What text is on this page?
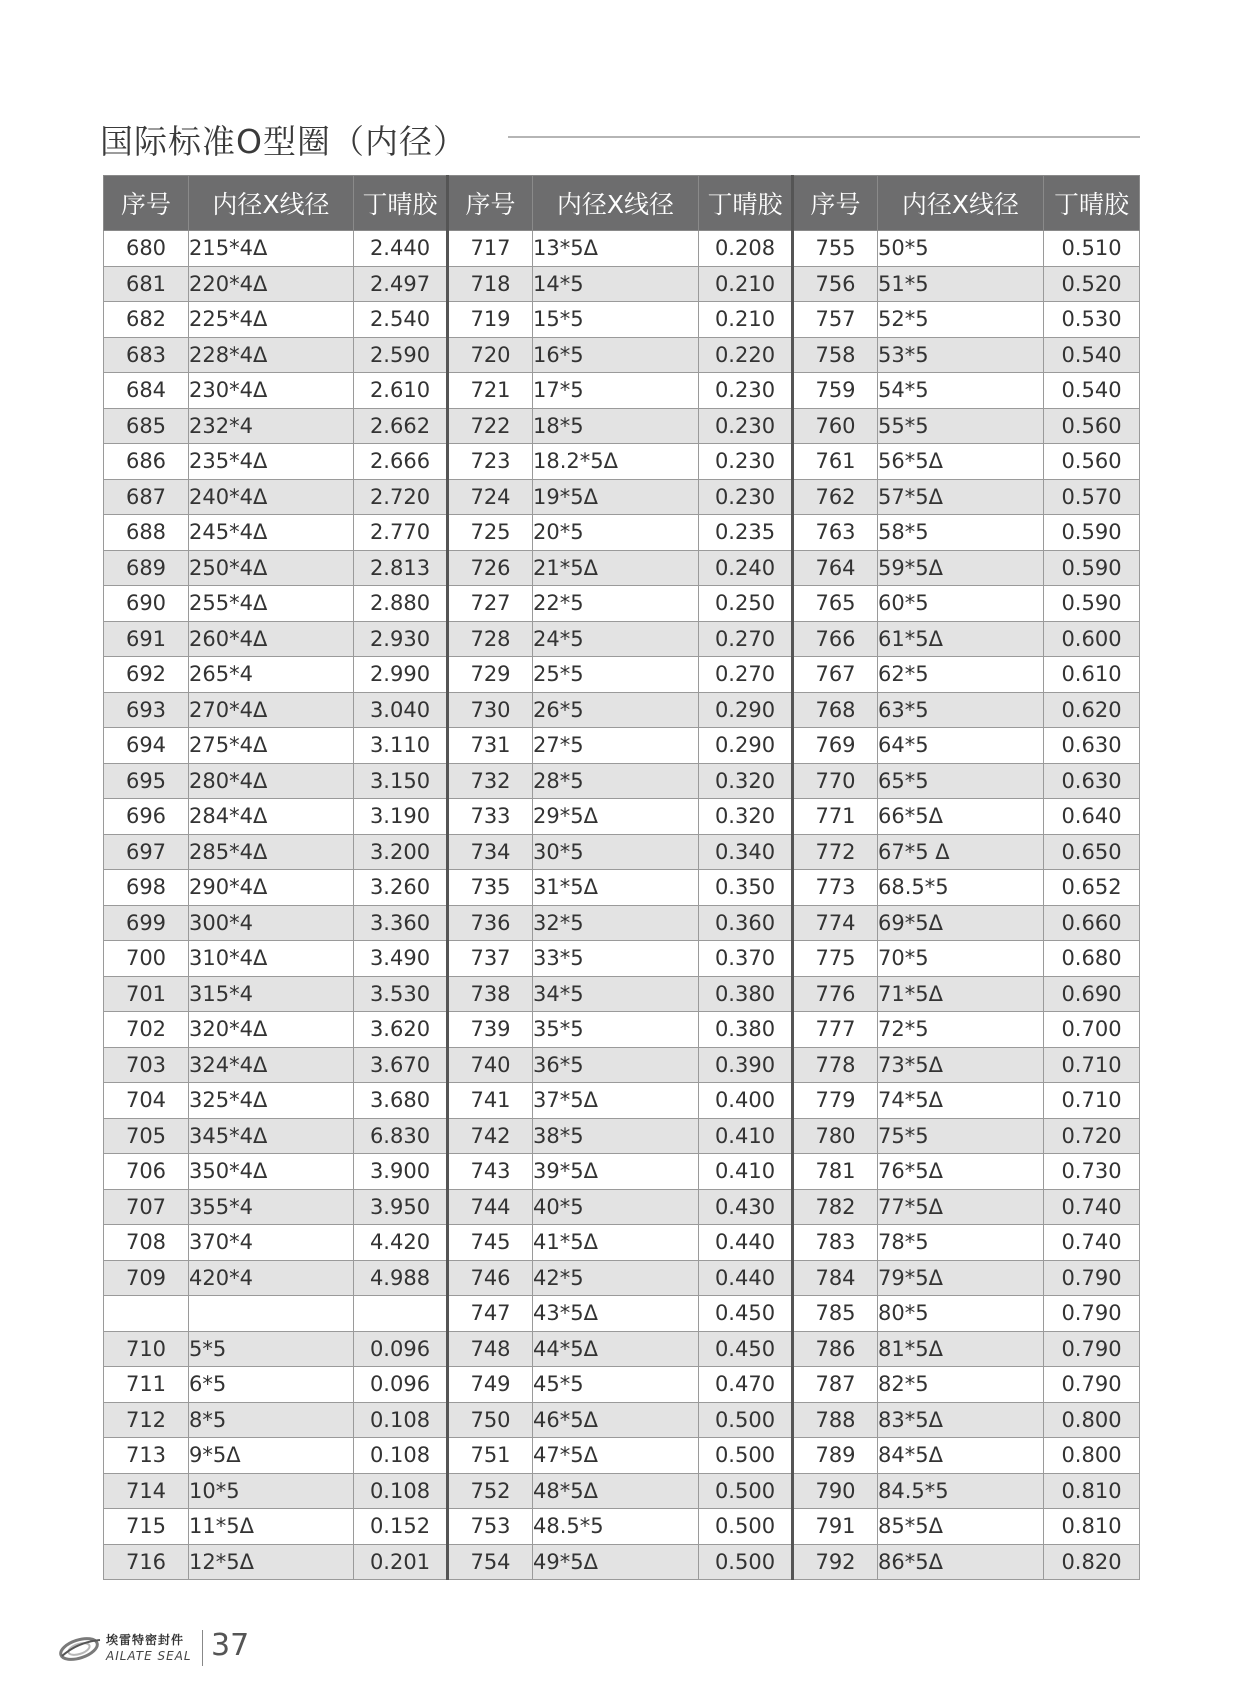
国际标准O型圈（内径）
序号	内径X线径	丁晴胶	序号	内径X线径	丁晴胶	序号	内径X线径	丁晴胶
680	215*4Δ	2.440	717	13*5Δ	0.208	755	50*5	0.510
681	220*4Δ	2.497	718	14*5	0.210	756	51*5	0.520
682	225*4Δ	2.540	719	15*5	0.210	757	52*5	0.530
683	228*4Δ	2.590	720	16*5	0.220	758	53*5	0.540
684	230*4Δ	2.610	721	17*5	0.230	759	54*5	0.540
685	232*4	2.662	722	18*5	0.230	760	55*5	0.560
686	235*4Δ	2.666	723	18.2*5Δ	0.230	761	56*5Δ	0.560
687	240*4Δ	2.720	724	19*5Δ	0.230	762	57*5Δ	0.570
688	245*4Δ	2.770	725	20*5	0.235	763	58*5	0.590
689	250*4Δ	2.813	726	21*5Δ	0.240	764	59*5Δ	0.590
690	255*4Δ	2.880	727	22*5	0.250	765	60*5	0.590
691	260*4Δ	2.930	728	24*5	0.270	766	61*5Δ	0.600
692	265*4	2.990	729	25*5	0.270	767	62*5	0.610
693	270*4Δ	3.040	730	26*5	0.290	768	63*5	0.620
694	275*4Δ	3.110	731	27*5	0.290	769	64*5	0.630
695	280*4Δ	3.150	732	28*5	0.320	770	65*5	0.630
696	284*4Δ	3.190	733	29*5Δ	0.320	771	66*5Δ	0.640
697	285*4Δ	3.200	734	30*5	0.340	772	67*5 Δ	0.650
698	290*4Δ	3.260	735	31*5Δ	0.350	773	68.5*5	0.652
699	300*4	3.360	736	32*5	0.360	774	69*5Δ	0.660
700	310*4Δ	3.490	737	33*5	0.370	775	70*5	0.680
701	315*4	3.530	738	34*5	0.380	776	71*5Δ	0.690
702	320*4Δ	3.620	739	35*5	0.380	777	72*5	0.700
703	324*4Δ	3.670	740	36*5	0.390	778	73*5Δ	0.710
704	325*4Δ	3.680	741	37*5Δ	0.400	779	74*5Δ	0.710
705	345*4Δ	6.830	742	38*5	0.410	780	75*5	0.720
706	350*4Δ	3.900	743	39*5Δ	0.410	781	76*5Δ	0.730
707	355*4	3.950	744	40*5	0.430	782	77*5Δ	0.740
708	370*4	4.420	745	41*5Δ	0.440	783	78*5	0.740
709	420*4	4.988	746	42*5	0.440	784	79*5Δ	0.790
			747	43*5Δ	0.450	785	80*5	0.790
710	5*5	0.096	748	44*5Δ	0.450	786	81*5Δ	0.790
711	6*5	0.096	749	45*5	0.470	787	82*5	0.790
712	8*5	0.108	750	46*5Δ	0.500	788	83*5Δ	0.800
713	9*5Δ	0.108	751	47*5Δ	0.500	789	84*5Δ	0.800
714	10*5	0.108	752	48*5Δ	0.500	790	84.5*5	0.810
715	11*5Δ	0.152	753	48.5*5	0.500	791	85*5Δ	0.810
716	12*5Δ	0.201	754	49*5Δ	0.500	792	86*5Δ	0.820
埃雷特密封件
AILATE SEAL 37
